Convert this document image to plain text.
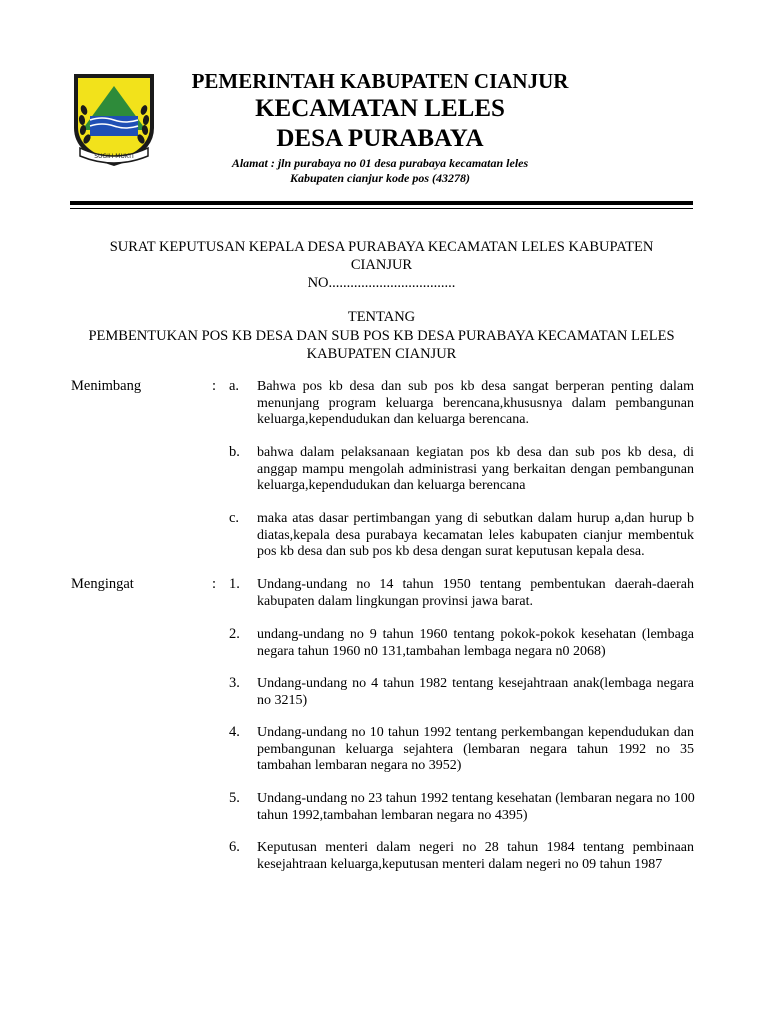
SUGIH MUKTI
PEMERINTAH KABUPATEN CIANJUR
KECAMATAN LELES
DESA PURABAYA
Alamat : jln purabaya no 01 desa purabaya kecamatan leles
Kabupaten cianjur kode pos (43278)
SURAT KEPUTUSAN KEPALA DESA PURABAYA KECAMATAN LELES KABUPATEN
CIANJUR
NO...................................
TENTANG
PEMBENTUKAN POS KB DESA DAN SUB POS KB DESA PURABAYA KECAMATAN LELES
KABUPATEN CIANJUR
Menimbang	: a.	Bahwa pos kb desa dan sub pos kb desa sangat berperan penting dalam
menunjang program keluarga berencana,khususnya dalam pembangunan
keluarga,kependudukan dan keluarga berencana.
b.	bahwa dalam pelaksanaan kegiatan pos kb desa dan sub pos kb desa, di
anggap mampu mengolah administrasi yang berkaitan dengan pembangunan
keluarga,kependudukan dan keluarga berencana
c.	maka atas dasar pertimbangan yang di sebutkan dalam hurup a,dan hurup b
diatas,kepala desa purabaya kecamatan leles kabupaten cianjur membentuk
pos kb desa dan sub pos kb desa dengan surat keputusan kepala desa.
Mengingat	: 1.	Undang-undang no 14 tahun 1950 tentang pembentukan daerah-daerah
kabupaten dalam lingkungan provinsi jawa barat.
2.	undang-undang no 9 tahun 1960 tentang pokok-pokok kesehatan (lembaga
negara tahun 1960 n0 131,tambahan lembaga negara n0 2068)
3.	Undang-undang no 4 tahun 1982 tentang kesejahtraan anak(lembaga negara
no 3215)
4.	Undang-undang no 10 tahun 1992 tentang perkembangan kependudukan dan
pembangunan keluarga sejahtera (lembaran negara tahun 1992 no 35
tambahan lembaran negara no 3952)
5.	Undang-undang no 23 tahun 1992 tentang kesehatan (lembaran negara no 100
tahun 1992,tambahan lembaran negara no 4395)
6.	Keputusan menteri dalam negeri no 28 tahun 1984 tentang pembinaan
kesejahtraan keluarga,keputusan menteri dalam negeri no 09 tahun 1987
